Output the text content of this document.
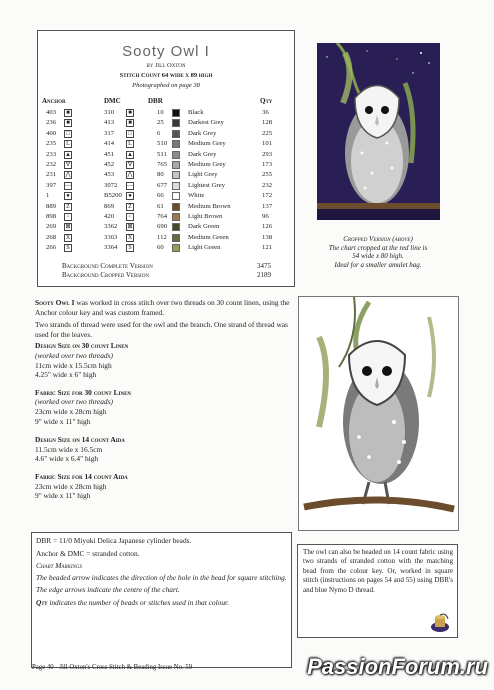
Sooty Owl I
by Jill Oxton
Stitch Count 64 wide x 89 high
Photographed on page 38
Anchor	DMC	DBR	Qty
403	■	310	■	10	Black	36
236	■	413	■	25	Darkest Grey	128
400	□	317	□	6	Dark Grey	225
235	L	414	L	510	Medium Grey	101
233 ▲	451 ▲	511	Dark Grey	293
232	∇	452	∇	765	Medium Grey	173
231 ⋀	453 ⋀	80	Light Grey	255
397 —	3072 —	677	Lightest Grey	232
1	●	B5200	●	66	White	172
889	Z	869	Z	61	Medium Brown	137
898	<	420	<	764	Light Brown	96
269 ⊠	3362 ⊠	690	Dark Green	126
268	X	3363	X	112	Medium Green	138
266	S	3364	S	60	Light Green	121
Background Complete Version	3475
Background Cropped Version	2189
Cropped Version (above)
The chart cropped at the red line is
54 wide x 80 high.
Ideal for a smaller amulet bag.
Sooty Owl I was worked in cross stitch over two threads on 30 count linen, using the Anchor colour key and was custom framed.
Two strands of thread were used for the owl and the branch. One strand of thread was used for the leaves.
Design Size on 30 count Linen
(worked over two threads)
11cm wide x 15.5cm high
4.25" wide x 6" high
Fabric Size for 30 count Linen
(worked over two threads)
23cm wide x 28cm high
9" wide x 11" high
Design Size on 14 count Aida
11.5cm wide x 16.5cm
4.6" wide x 6.4" high
Fabric Size for 14 count Aida
23cm wide x 28cm high
9" wide x 11" high
DBR = 11/0 Miyuki Delica Japanese cylinder beads.
Anchor & DMC = stranded cotton.
Chart Markings
The beaded arrow indicates the direction of the hole in the bead for square stitching.
The edge arrows indicate the centre of the chart.
Qty indicates the number of beads or stitches used in that colour.
The owl can also be beaded on 14 count fabric using two strands of stranded cotton with the matching bead from the colour key. Or, worked in square stitch (instructions on pages 54 and 55) using DBR's and blue Nymo D thread.
Page 40 - Jill Oxton's Cross Stitch & Beading Issue No. 59	PassionForum.ru
